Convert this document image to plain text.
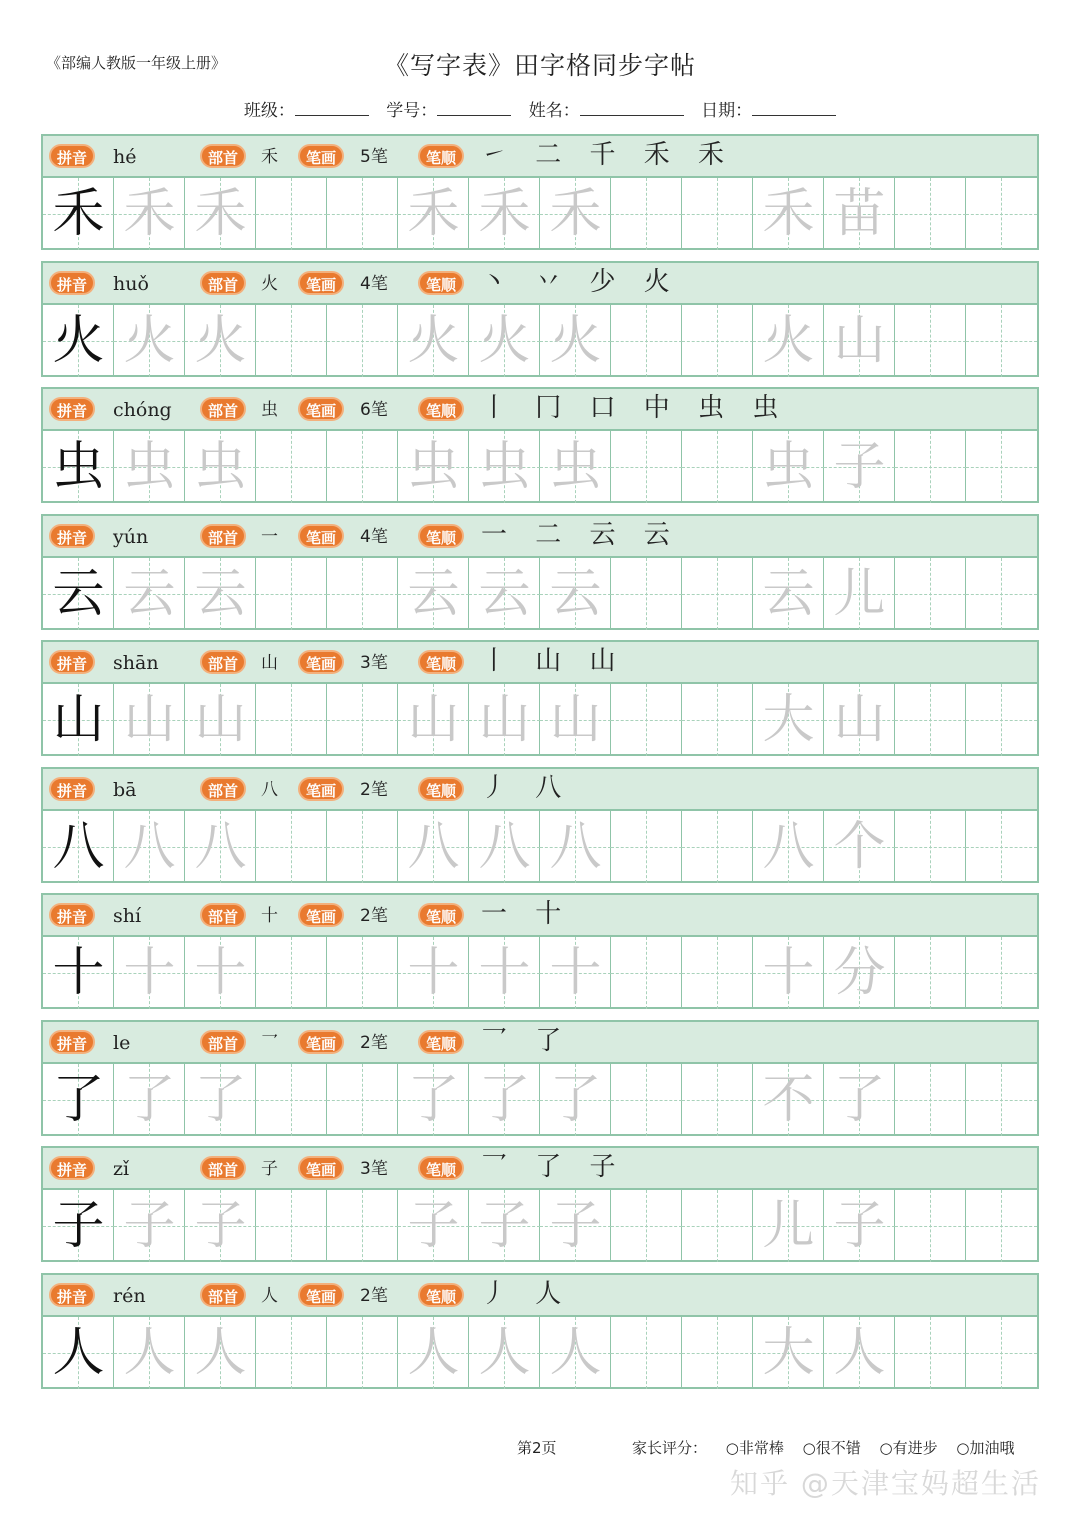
《部编人教版一年级上册》	《写字表》田字格同步字帖
班级：	学号：	姓名：	日期：
拼音	部首	笔画	笔顺
hé	禾	5笔	㇀ 二 千 禾 禾
禾 禾 禾	禾 禾 禾	禾 苗
拼音	部首	笔画	笔顺
huǒ	火	4笔	丶 丷 少 火
火 火 火	火 火 火	火 山
拼音	部首	笔画	笔顺
chóng	虫	6笔	丨 冂 口 中 虫 虫
虫 虫 虫	虫 虫 虫	虫 子
拼音	部首	笔画	笔顺
yún	一	4笔	一 二 云 云
云 云 云	云 云 云	云 儿
拼音	部首	笔画	笔顺
shān	山	3笔	丨 山 山
山 山 山	山 山 山	大 山
拼音	部首	笔画	笔顺
bā	八	2笔	丿 八
八 八 八	八 八 八	八 个
拼音	部首	笔画	笔顺
shí	十	2笔	一 十
十 十 十	十 十 十	十 分
拼音	部首	笔画	笔顺
le	乛	2笔	乛 了
了 了 了	了 了 了	不 了
拼音	部首	笔画	笔顺
zǐ	子	3笔	乛 了 子
子 子 子	子 子 子	儿 子
拼音	部首	笔画	笔顺
rén	人	2笔	丿 人
人 人 人	人 人 人	大 人
第2页	家长评分： ○非常棒 ○很不错 ○有进步 ○加油哦
知乎 @天津宝妈超生活
